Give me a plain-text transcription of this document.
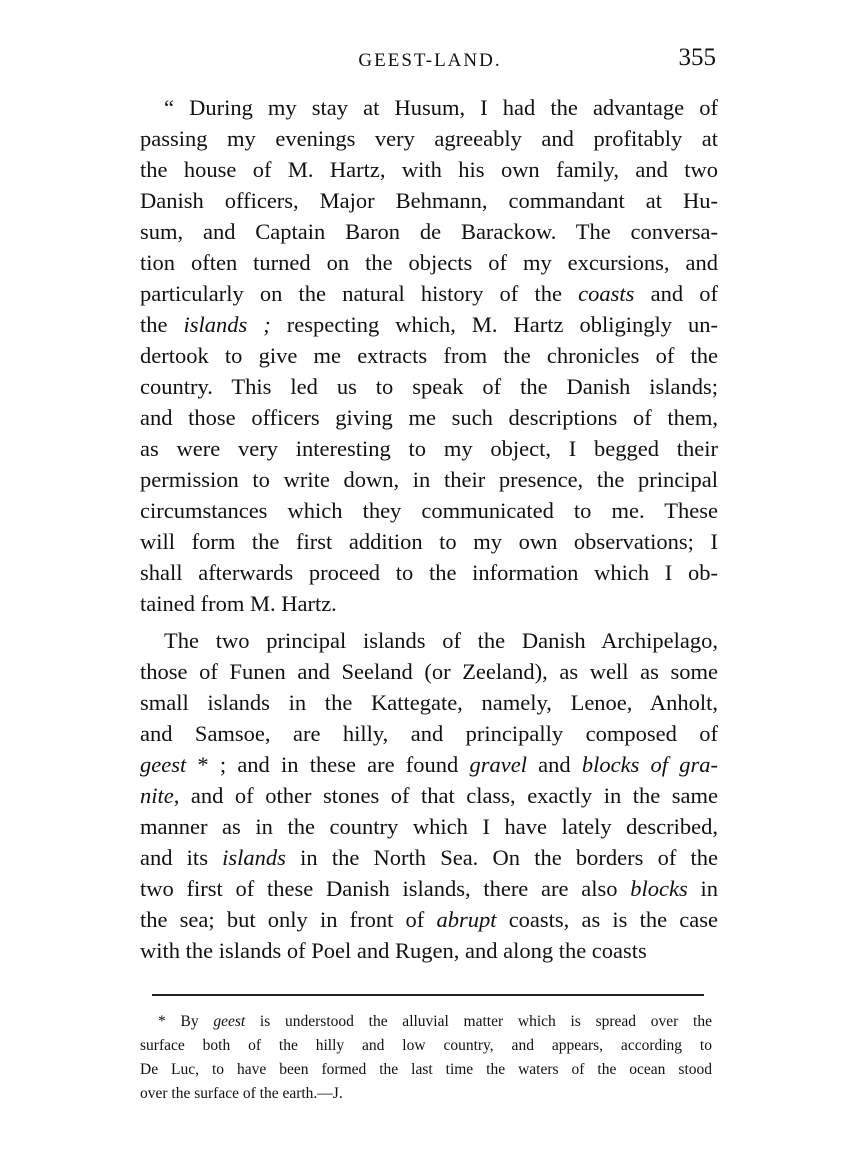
GEEST-LAND.	355
“ During my stay at Husum, I had the advantage of
passing my evenings very agreeably and profitably at
the house of M. Hartz, with his own family, and two
Danish officers, Major Behmann, commandant at Hu-
sum, and Captain Baron de Barackow. The conversa-
tion often turned on the objects of my excursions, and
particularly on the natural history of the coasts and of
the islands ; respecting which, M. Hartz obligingly un-
dertook to give me extracts from the chronicles of the
country. This led us to speak of the Danish islands;
and those officers giving me such descriptions of them,
as were very interesting to my object, I begged their
permission to write down, in their presence, the principal
circumstances which they communicated to me. These
will form the first addition to my own observations; I
shall afterwards proceed to the information which I ob-
tained from M. Hartz.
The two principal islands of the Danish Archipelago,
those of Funen and Seeland (or Zeeland), as well as some
small islands in the Kattegate, namely, Lenoe, Anholt,
and Samsoe, are hilly, and principally composed of
geest * ; and in these are found gravel and blocks of gra-
nite, and of other stones of that class, exactly in the same
manner as in the country which I have lately described,
and its islands in the North Sea. On the borders of the
two first of these Danish islands, there are also blocks in
the sea; but only in front of abrupt coasts, as is the case
with the islands of Poel and Rugen, and along the coasts
* By geest is understood the alluvial matter which is spread over the
surface both of the hilly and low country, and appears, according to
De Luc, to have been formed the last time the waters of the ocean stood
over the surface of the earth.—J.
